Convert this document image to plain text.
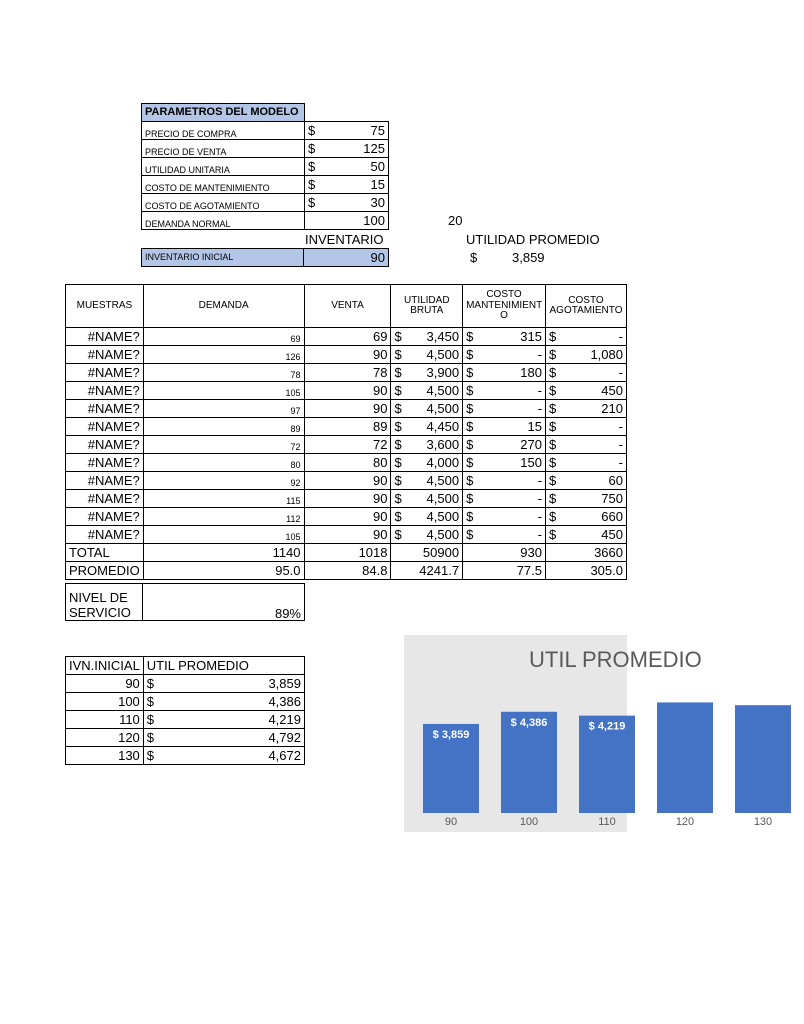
PARAMETROS DEL MODELO	
PRECIO DE COMPRA	$ 75

PRECIO DE VENTA	$ 125

UTILIDAD UNITARIA	$ 50

COSTO DE MANTENIMIENTO	$ 15

COSTO DE AGOTAMIENTO	$ 30

DEMANDA NORMAL	100	20
INVENTARIO	UTILIDAD PROMEDIO
INVENTARIO INICIAL	90	$	3,859
MUESTRAS	DEMANDA	VENTA	UTILIDAD BRUTA	COSTO MANTENIMIENT O	COSTO AGOTAMIENTO
#NAME?	69	69	$ 3,450	$ 315	$ -

#NAME?	126	90	$ 4,500	$ -	$ 1,080

#NAME?	78	78	$ 3,900	$ 180	$ -

#NAME?	105	90	$ 4,500	$ -	$ 450

#NAME?	97	90	$ 4,500	$ -	$ 210

#NAME?	89	89	$ 4,450	$ 15	$ -

#NAME?	72	72	$ 3,600	$ 270	$ -

#NAME?	80	80	$ 4,000	$ 150	$ -

#NAME?	92	90	$ 4,500	$ -	$ 60

#NAME?	115	90	$ 4,500	$ -	$ 750

#NAME?	112	90	$ 4,500	$ -	$ 660

#NAME?	105	90	$ 4,500	$ -	$ 450

TOTAL	1140	1018	50900	930	3660
PROMEDIO	95.0	84.8	4241.7	77.5	305.0
NIVEL DE SERVICIO	89%
IVN.INICIAL	UTIL PROMEDIO
90	$ 3,859

100	$ 4,386

110	$ 4,219

120	$ 4,792

130	$ 4,672
UTIL PROMEDIO
$ 3,859
90
$ 4,386
100
$ 4,219
110	120	130
